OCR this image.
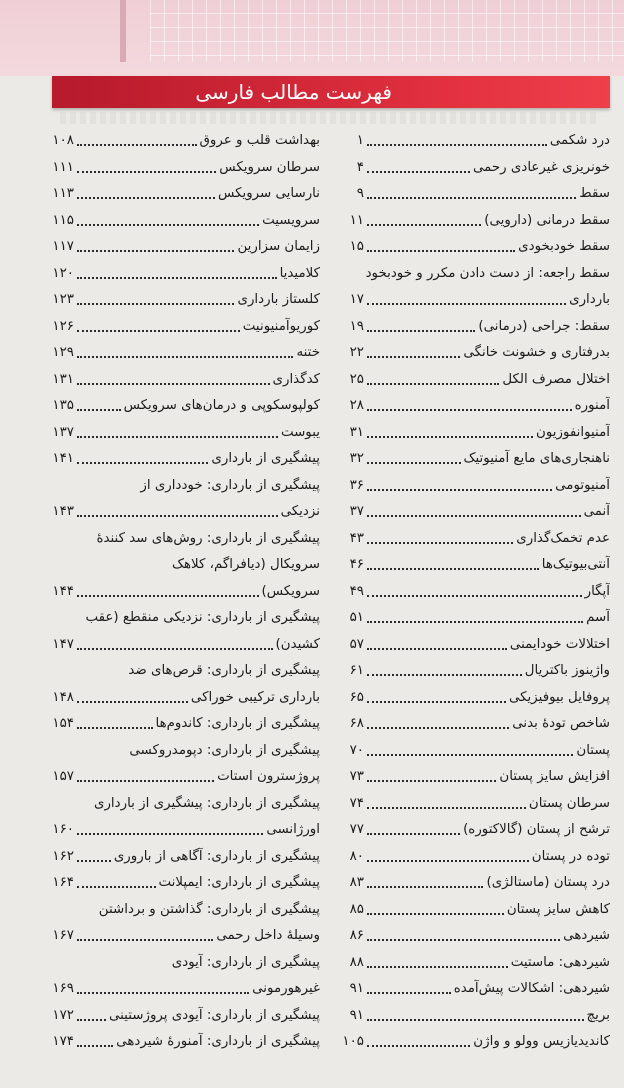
فهرست مطالب فارسی
درد شکمی
۱
خونریزی غیرعادی رحمی
۴
سقط
۹
سقط درمانی (دارویی)
۱۱
سقط خودبخودی
۱۵
سقط راجعه: از دست دادن مکرر و خودبخود
بارداری
۱۷
سقط: جراحی (درمانی)
۱۹
بدرفتاری و خشونت خانگی
۲۲
اختلال مصرف الکل
۲۵
آمنوره
۲۸
آمنیوانفوزیون
۳۱
ناهنجاری‌های مایع آمنیوتیک
۳۲
آمنیوتومی
۳۶
آنمی
۳۷
عدم تخمک‌گذاری
۴۳
آنتی‌بیوتیک‌ها
۴۶
آپگار
۴۹
آسم
۵۱
اختلالات خودایمنی
۵۷
واژینوز باکتریال
۶۱
پروفایل بیوفیزیکی
۶۵
شاخص تودهٔ بدنی
۶۸
پستان
۷۰
افزایش سایز پستان
۷۳
سرطان پستان
۷۴
ترشح از پستان (گالاکتوره)
۷۷
توده در پستان
۸۰
درد پستان (ماستالژی)
۸۳
کاهش سایز پستان
۸۵
شیردهی
۸۶
شیردهی: ماستیت
۸۸
شیردهی: اشکالات پیش‌آمده
۹۱
بریچ
۹۱
کاندیدیازیس وولو و واژن
۱۰۵
بهداشت قلب و عروق
۱۰۸
سرطان سرویکس
۱۱۱
نارسایی سرویکس
۱۱۳
سرویسیت
۱۱۵
زایمان سزارین
۱۱۷
کلامیدیا
۱۲۰
کلستاز بارداری
۱۲۳
کوریوآمنیونیت
۱۲۶
ختنه
۱۲۹
کدگذاری
۱۳۱
کولپوسکوپی و درمان‌های سرویکس
۱۳۵
یبوست
۱۳۷
پیشگیری از بارداری
۱۴۱
پیشگیری از بارداری: خودداری از
نزدیکی
۱۴۳
پیشگیری از بارداری: روش‌های سد کنندهٔ
سرویکال (دیافراگم، کلاهک
سرویکس)
۱۴۴
پیشگیری از بارداری: نزدیکی منقطع (عقب
کشیدن)
۱۴۷
پیشگیری از بارداری: قرص‌های ضد
بارداری ترکیبی خوراکی
۱۴۸
پیشگیری از بارداری: کاندوم‌ها
۱۵۴
پیشگیری از بارداری: دپومدروکسی
پروژسترون استات
۱۵۷
پیشگیری از بارداری: پیشگیری از بارداری
اورژانسی
۱۶۰
پیشگیری از بارداری: آگاهی از باروری
۱۶۲
پیشگیری از بارداری: ایمپلانت
۱۶۴
پیشگیری از بارداری: گذاشتن و برداشتن
وسیلهٔ داخل رحمی
۱۶۷
پیشگیری از بارداری: آیودی
غیرهورمونی
۱۶۹
پیشگیری از بارداری: آیودی پروژستینی
۱۷۲
پیشگیری از بارداری: آمنورهٔ شیردهی
۱۷۴
